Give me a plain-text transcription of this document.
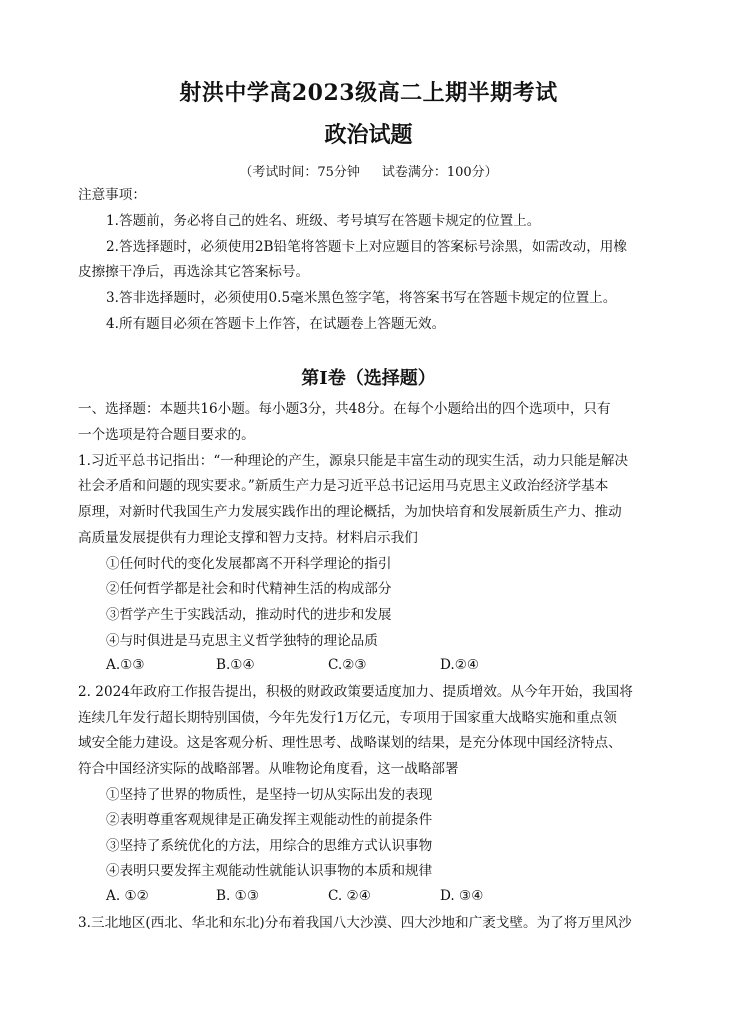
射洪中学高2023级高二上期半期考试
政治试题
（考试时间：75分钟 试卷满分：100分）
注意事项：
1.答题前，务必将自己的姓名、班级、考号填写在答题卡规定的位置上。
2.答选择题时，必须使用2B铅笔将答题卡上对应题目的答案标号涂黑，如需改动，用橡
皮擦擦干净后，再选涂其它答案标号。
3.答非选择题时，必须使用0.5毫米黑色签字笔，将答案书写在答题卡规定的位置上。
4.所有题目必须在答题卡上作答，在试题卷上答题无效。
第I卷（选择题）
一、选择题：本题共16小题。每小题3分，共48分。在每个小题给出的四个选项中，只有
一个选项是符合题目要求的。
1.习近平总书记指出：“一种理论的产生，源泉只能是丰富生动的现实生活，动力只能是解决
社会矛盾和问题的现实要求。”新质生产力是习近平总书记运用马克思主义政治经济学基本
原理，对新时代我国生产力发展实践作出的理论概括，为加快培育和发展新质生产力、推动
高质量发展提供有力理论支撑和智力支持。材料启示我们
①任何时代的变化发展都离不开科学理论的指引
②任何哲学都是社会和时代精神生活的构成部分
③哲学产生于实践活动，推动时代的进步和发展
④与时俱进是马克思主义哲学独特的理论品质
A.①③	B.①④	C.②③	D.②④
2. 2024年政府工作报告提出，积极的财政政策要适度加力、提质增效。从今年开始，我国将
连续几年发行超长期特别国债，今年先发行1万亿元，专项用于国家重大战略实施和重点领
域安全能力建设。这是客观分析、理性思考、战略谋划的结果，是充分体现中国经济特点、
符合中国经济实际的战略部署。从唯物论角度看，这一战略部署
①坚持了世界的物质性，是坚持一切从实际出发的表现
②表明尊重客观规律是正确发挥主观能动性的前提条件
③坚持了系统优化的方法，用综合的思维方式认识事物
④表明只要发挥主观能动性就能认识事物的本质和规律
A. ①②	B. ①③	C. ②④	D. ③④
3.三北地区(西北、华北和东北)分布着我国八大沙漠、四大沙地和广袤戈壁。为了将万里风沙
